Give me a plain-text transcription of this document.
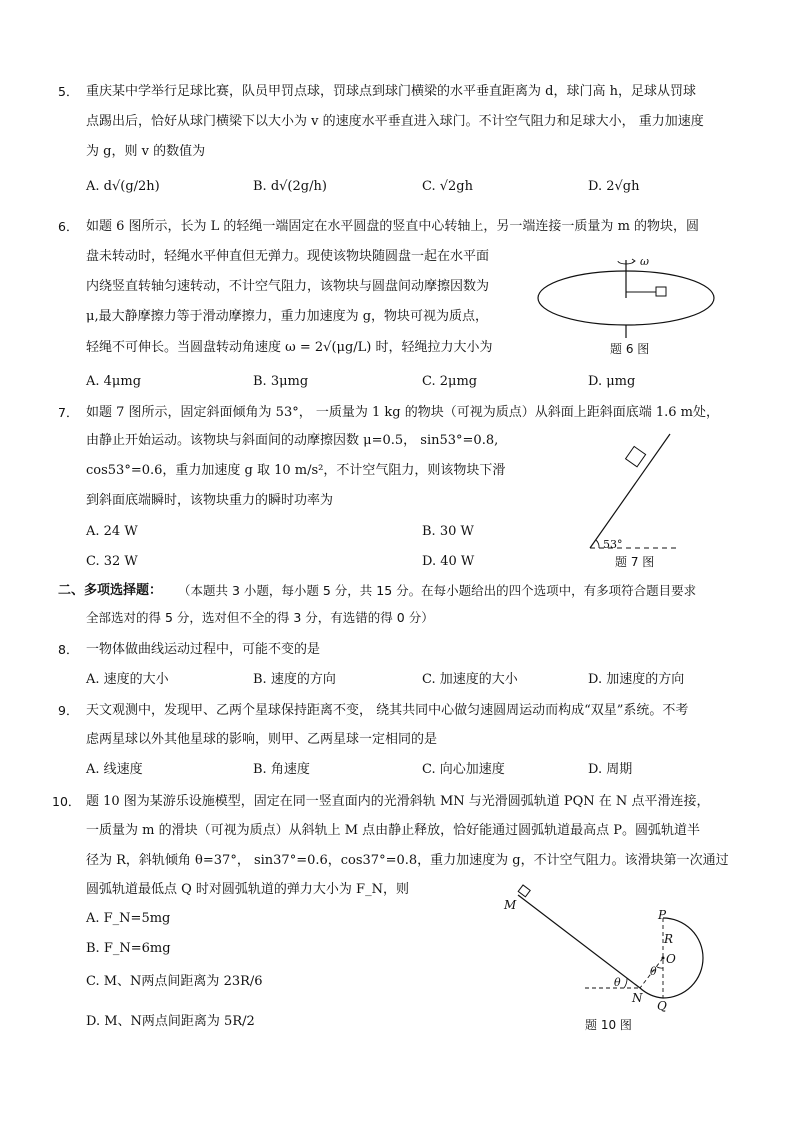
5． 重庆某中学举行足球比赛，队员甲罚点球，罚球点到球门横梁的水平垂直距离为 d，球门高 h，足球从罚球
点踢出后，恰好从球门横梁下以大小为 v 的速度水平垂直进入球门。不计空气阻力和足球大小， 重力加速度
为 g，则 v 的数值为
A. d√(g/2h)	B. d√(2g/h)	C. √2gh	D. 2√gh
6． 如题 6 图所示，长为 L 的轻绳一端固定在水平圆盘的竖直中心转轴上，另一端连接一质量为 m 的物块，圆
盘未转动时，轻绳水平伸直但无弹力。现使该物块随圆盘一起在水平面
内绕竖直转轴匀速转动，不计空气阻力，该物块与圆盘间动摩擦因数为
μ,最大静摩擦力等于滑动摩擦力，重力加速度为 g，物块可视为质点，
轻绳不可伸长。当圆盘转动角速度 ω = 2√(μg/L) 时，轻绳拉力大小为
ω
题 6 图
A. 4μmg	B. 3μmg	C. 2μmg	D. μmg
7． 如题 7 图所示，固定斜面倾角为 53°， 一质量为 1 kg 的物块（可视为质点）从斜面上距斜面底端 1.6 m处，
由静止开始运动。该物块与斜面间的动摩擦因数 μ=0.5， sin53°=0.8,
cos53°=0.6，重力加速度 g 取 10 m/s²，不计空气阻力，则该物块下滑
到斜面底端瞬时，该物块重力的瞬时功率为
53°
题 7 图
A. 24 W	B. 30 W
C. 32 W	D. 40 W
二、多项选择题： （本题共 3 小题，每小题 5 分，共 15 分。在每小题给出的四个选项中，有多项符合题目要求
全部选对的得 5 分，选对但不全的得 3 分，有选错的得 0 分）
8． 一物体做曲线运动过程中，可能不变的是
A. 速度的大小	B. 速度的方向	C. 加速度的大小	D. 加速度的方向
9． 天文观测中，发现甲、乙两个星球保持距离不变， 绕其共同中心做匀速圆周运动而构成“双星”系统。不考
虑两星球以外其他星球的影响，则甲、乙两星球一定相同的是
A. 线速度	B. 角速度	C. 向心加速度	D. 周期
10． 题 10 图为某游乐设施模型，固定在同一竖直面内的光滑斜轨 MN 与光滑圆弧轨道 PQN 在 N 点平滑连接，
一质量为 m 的滑块（可视为质点）从斜轨上 M 点由静止释放，恰好能通过圆弧轨道最高点 P。圆弧轨道半
径为 R，斜轨倾角 θ=37°， sin37°=0.6，cos37°=0.8，重力加速度为 g，不计空气阻力。该滑块第一次通过
圆弧轨道最低点 Q 时对圆弧轨道的弹力大小为 F_N，则
A. F_N=5mg
B. F_N=6mg
C. M、N两点间距离为 23R/6
D. M、N两点间距离为 5R/2
M
N
P
Q
O
R
θ
θ
题 10 图
